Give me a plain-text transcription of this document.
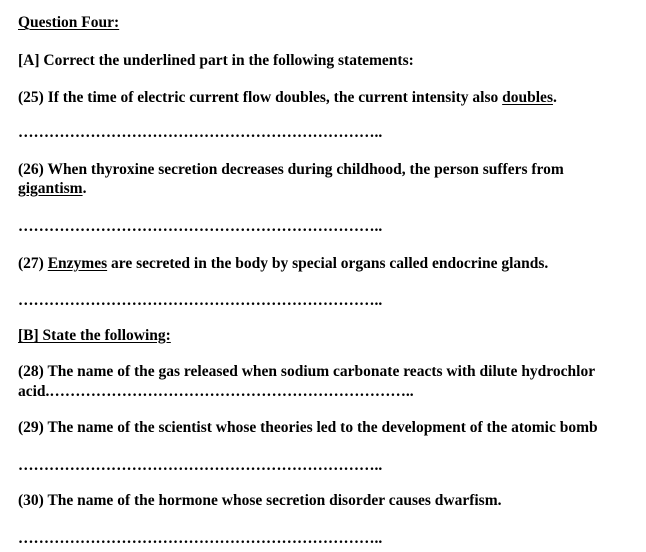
Question Four:
[A] Correct the underlined part in the following statements:
(25) If the time of electric current flow doubles, the current intensity also doubles.
……………………………………………………………..
(26) When thyroxine secretion decreases during childhood, the person suffers from
gigantism.
……………………………………………………………..
(27) Enzymes are secreted in the body by special organs called endocrine glands.
……………………………………………………………..
[B] State the following:
(28) The name of the gas released when sodium carbonate reacts with dilute hydrochlor
acid.……………………………………………………………..
(29) The name of the scientist whose theories led to the development of the atomic bomb
……………………………………………………………..
(30) The name of the hormone whose secretion disorder causes dwarfism.
……………………………………………………………..
